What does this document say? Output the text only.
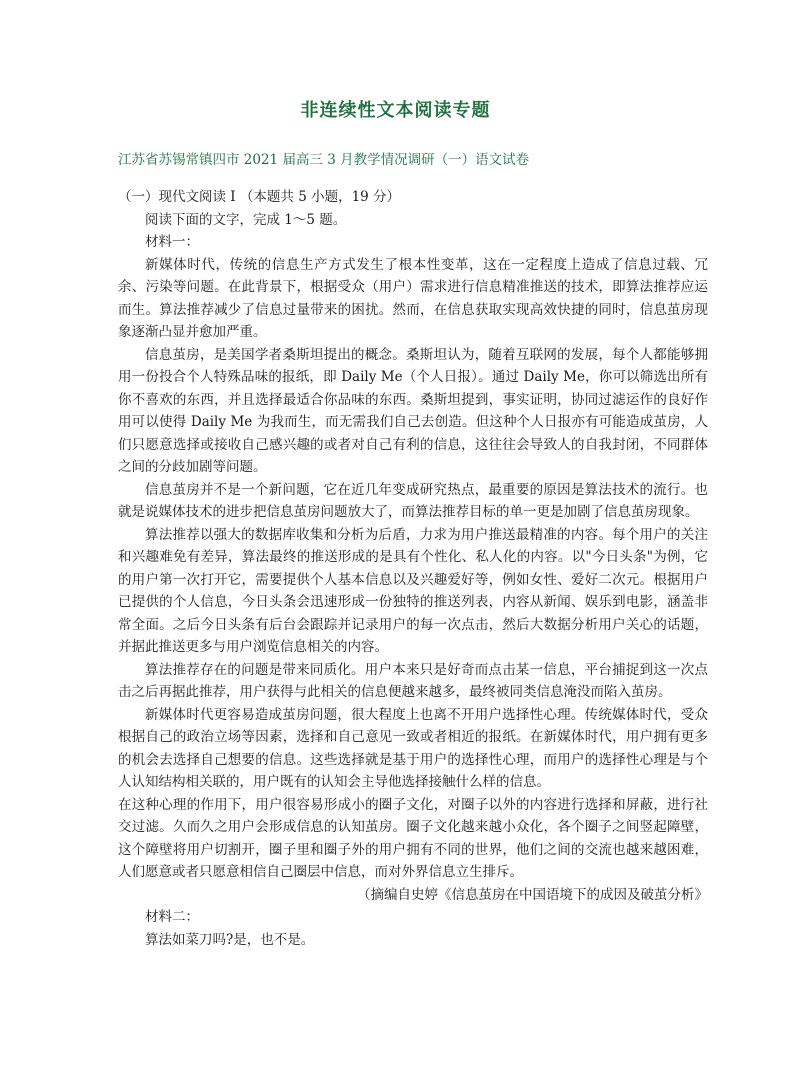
非连续性文本阅读专题
江苏省苏锡常镇四市 2021 届高三 3 月教学情况调研（一）语文试卷

（一）现代文阅读 I （本题共 5 小题，19 分）

阅读下面的文字，完成 1～5 题。

材料一：

新媒体时代，传统的信息生产方式发生了根本性变革，这在一定程度上造成了信息过载、冗余、污染等问题。在此背景下，根据受众（用户）需求进行信息精准推送的技术，即算法推荐应运而生。算法推荐减少了信息过量带来的困扰。然而，在信息获取实现高效快捷的同时，信息茧房现象逐渐凸显并愈加严重。

信息茧房，是美国学者桑斯坦提出的概念。桑斯坦认为，随着互联网的发展，每个人都能够拥用一份投合个人特殊品味的报纸，即 Daily Me（个人日报）。通过 Daily Me，你可以筛选出所有你不喜欢的东西，并且选择最适合你品味的东西。桑斯坦提到，事实证明，协同过滤运作的良好作用可以使得 Daily Me 为我而生，而无需我们自己去创造。但这种个人日报亦有可能造成茧房，人们只愿意选择或接收自己感兴趣的或者对自己有利的信息，这往往会导致人的自我封闭，不同群体之间的分歧加剧等问题。

信息茧房并不是一个新问题，它在近几年变成研究热点，最重要的原因是算法技术的流行。也就是说媒体技术的进步把信息茧房问题放大了，而算法推荐目标的单一更是加剧了信息茧房现象。

算法推荐以强大的数据库收集和分析为后盾，力求为用户推送最精准的内容。每个用户的关注和兴趣难免有差异，算法最终的推送形成的是具有个性化、私人化的内容。以"今日头条"为例，它的用户第一次打开它，需要提供个人基本信息以及兴趣爱好等，例如女性、爱好二次元。根据用户已提供的个人信息，今日头条会迅速形成一份独特的推送列表，内容从新闻、娱乐到电影，涵盖非常全面。之后今日头条有后台会跟踪并记录用户的每一次点击，然后大数据分析用户关心的话题，并据此推送更多与用户浏览信息相关的内容。

算法推荐存在的问题是带来同质化。用户本来只是好奇而点击某一信息，平台捕捉到这一次点击之后再据此推荐，用户获得与此相关的信息便越来越多，最终被同类信息淹没而陷入茧房。

新媒体时代更容易造成茧房问题，很大程度上也离不开用户选择性心理。传统媒体时代，受众根据自己的政治立场等因素，选择和自己意见一致或者相近的报纸。在新媒体时代，用户拥有更多的机会去选择自己想要的信息。这些选择就是基于用户的选择性心理，而用户的选择性心理是与个人认知结构相关联的，用户既有的认知会主导他选择接触什么样的信息。

在这种心理的作用下，用户很容易形成小的圈子文化，对圈子以外的内容进行选择和屏蔽，进行社交过滤。久而久之用户会形成信息的认知茧房。圈子文化越来越小众化，各个圈子之间竖起障壁，这个障壁将用户切割开，圈子里和圈子外的用户拥有不同的世界，他们之间的交流也越来越困难，人们愿意或者只愿意相信自己圈层中信息，而对外界信息立生排斥。

（摘编自史婷《信息茧房在中国语境下的成因及破茧分析》

材料二：

算法如菜刀吗?是，也不是。
